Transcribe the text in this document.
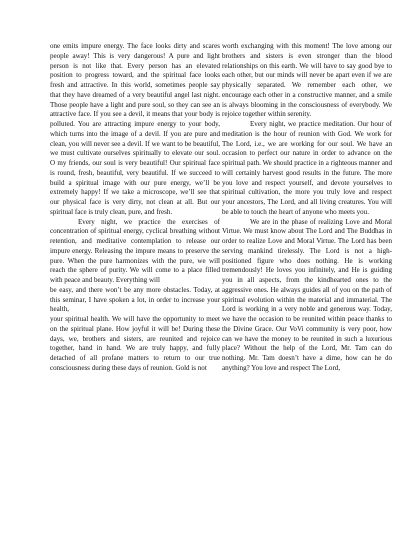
one emits impure energy. The face looks dirty and scares people away! This is very dangerous! A pure and light person is not like that. Every person has an elevated position to progress toward, and the spiritual face looks fresh and attractive. In this world, sometimes people say that they have dreamed of a very beautiful angel last night. Those people have a light and pure soul, so they can see an attractive face. If you see a devil, it means that your body is polluted. You are attracting impure energy to your body, which turns into the image of a devil. If you are pure and clean, you will never see a devil. If we want to be beautiful, we must cultivate ourselves spiritually to elevate our soul. O my friends, our soul is very beautiful! Our spiritual face is round, fresh, beautiful, very beautiful. If we succeed to build a spiritual image with our pure energy, we’ll be extremely happy! If we take a microscope, we’ll see that our physical face is very dirty, not clean at all. But our spiritual face is truly clean, pure, and fresh.

Every night, we practice the exercises of concentration of spiritual energy, cyclical breathing without retention, and meditative contemplation to release our impure energy. Releasing the impure means to preserve the pure. When the pure harmonizes with the pure, we will reach the sphere of purity. We will come to a place filled with peace and beauty. Everything will

be easy, and there won’t be any more obstacles. Today, at this seminar, I have spoken a lot, in order to increase your health,

your spiritual health. We will have the opportunity to meet on the spiritual plane. How joyful it will be! During these days, we, brothers and sisters, are reunited and rejoice together, hand in hand. We are truly happy, and fully detached of all profane matters to return to our true consciousness during these days of reunion. Gold is not

worth exchanging with this moment! The love among our brothers and sisters is even stronger than the blood relationships on this earth. We will have to say good bye to each other, but our minds will never be apart even if we are physically separated. We remember each other, we encourage each other in a constructive manner, and a smile is always blooming in the consciousness of everybody. We rejoice together within serenity.

Every night, we practice meditation. Our hour of meditation is the hour of reunion with God. We work for The Lord, i.e., we are working for our soul. We have an occasion to perfect our nature in order to advance on the spiritual path. We should practice in a righteous manner and will certainly harvest good results in the future. The more you love and respect yourself, and devote yourselves to spiritual cultivation, the more you truly love and respect your ancestors, The Lord, and all living creatures. You will be able to touch the heart of anyone who meets you.

We are in the phase of realizing Love and Moral Virtue. We must know about The Lord and The Buddhas in order to realize Love and Moral Virtue. The Lord has been serving mankind tirelessly. The Lord is not a high-positioned figure who does nothing. He is working tremendously! He loves you infinitely, and He is guiding you in all aspects, from the kindhearted ones to the aggressive ones. He always guides all of you on the path of spiritual evolution within the material and immaterial. The Lord is working in a very noble and generous way. Today, we have the occasion to be reunited within peace thanks to the Divine Grace. Our VoVi community is very poor, how can we have the money to be reunited in such a luxurious place? Without the help of the Lord, Mr. Tam can do nothing. Mr. Tam doesn’t have a dime, how can he do anything? You love and respect The Lord,
